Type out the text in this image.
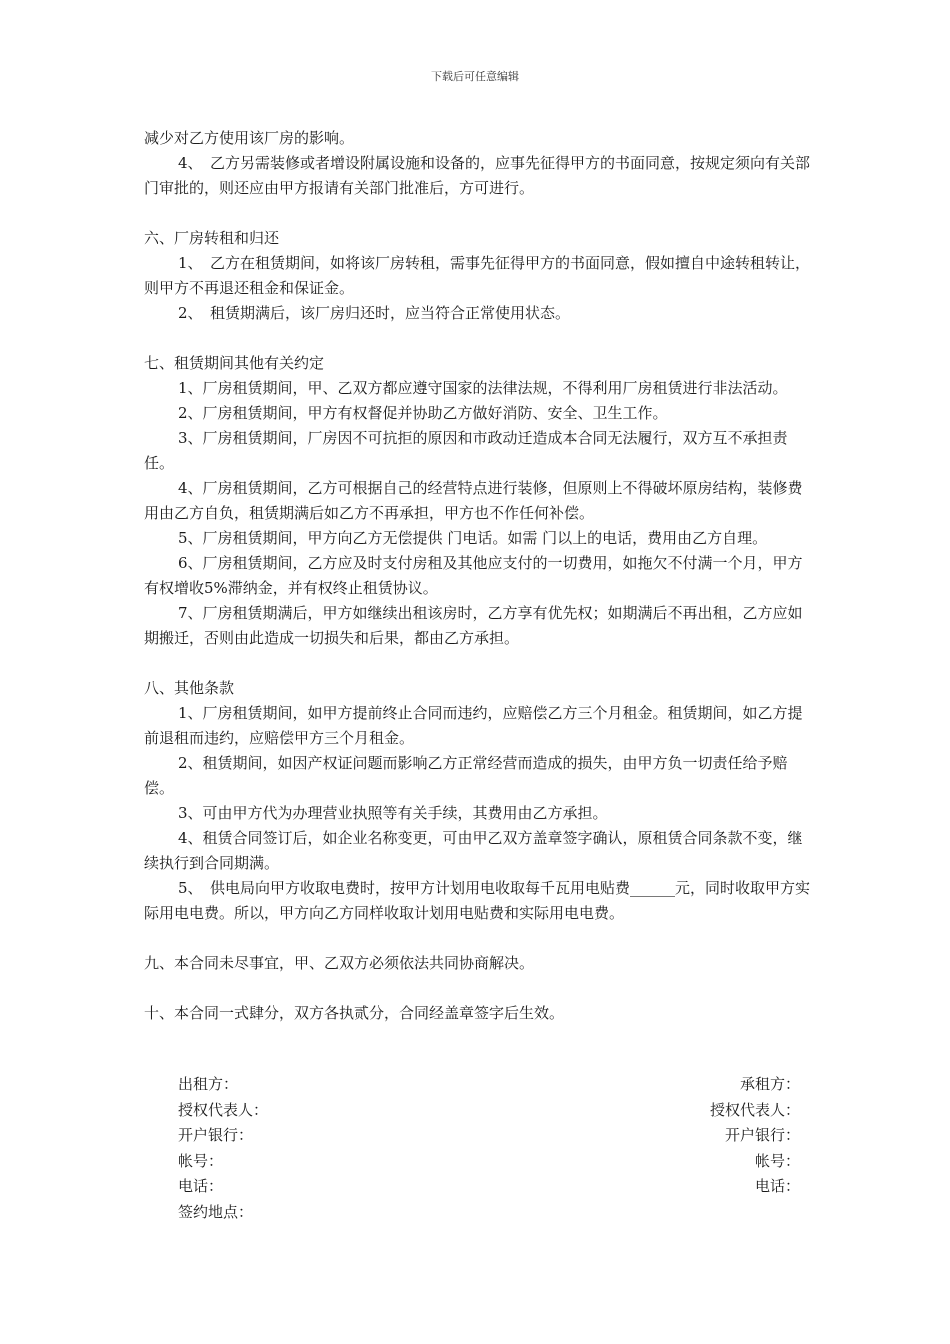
下载后可任意编辑

减少对乙方使用该厂房的影响。

4、　乙方另需装修或者增设附属设施和设备的，应事先征得甲方的书面同意，按规定须向有关部门审批的，则还应由甲方报请有关部门批准后，方可进行。

六、厂房转租和归还

1、　乙方在租赁期间，如将该厂房转租，需事先征得甲方的书面同意，假如擅自中途转租转让，则甲方不再退还租金和保证金。

2、　租赁期满后，该厂房归还时，应当符合正常使用状态。

七、租赁期间其他有关约定

1、厂房租赁期间，甲、乙双方都应遵守国家的法律法规，不得利用厂房租赁进行非法活动。

2、厂房租赁期间，甲方有权督促并协助乙方做好消防、安全、卫生工作。

3、厂房租赁期间，厂房因不可抗拒的原因和市政动迁造成本合同无法履行，双方互不承担责任。

4、厂房租赁期间，乙方可根据自己的经营特点进行装修，但原则上不得破坏原房结构，装修费用由乙方自负，租赁期满后如乙方不再承担，甲方也不作任何补偿。

5、厂房租赁期间，甲方向乙方无偿提供 门电话。如需 门以上的电话，费用由乙方自理。

6、厂房租赁期间，乙方应及时支付房租及其他应支付的一切费用，如拖欠不付满一个月，甲方有权增收5%滞纳金，并有权终止租赁协议。

7、厂房租赁期满后，甲方如继续出租该房时，乙方享有优先权；如期满后不再出租，乙方应如期搬迁，否则由此造成一切损失和后果，都由乙方承担。

八、其他条款

1、厂房租赁期间，如甲方提前终止合同而违约，应赔偿乙方三个月租金。租赁期间，如乙方提前退租而违约，应赔偿甲方三个月租金。

2、租赁期间，如因产权证问题而影响乙方正常经营而造成的损失，由甲方负一切责任给予赔偿。

3、可由甲方代为办理营业执照等有关手续，其费用由乙方承担。

4、租赁合同签订后，如企业名称变更，可由甲乙双方盖章签字确认，原租赁合同条款不变，继续执行到合同期满。

5、　供电局向甲方收取电费时，按甲方计划用电收取每千瓦用电贴费______元，同时收取甲方实际用电电费。所以，甲方向乙方同样收取计划用电贴费和实际用电电费。

九、本合同未尽事宜，甲、乙双方必须依法共同协商解决。

十、本合同一式肆分，双方各执贰分，合同经盖章签字后生效。

出租方：	承租方：
授权代表人：	授权代表人：
开户银行：	开户银行：
帐号：	帐号：
电话：	电话：
签约地点：
